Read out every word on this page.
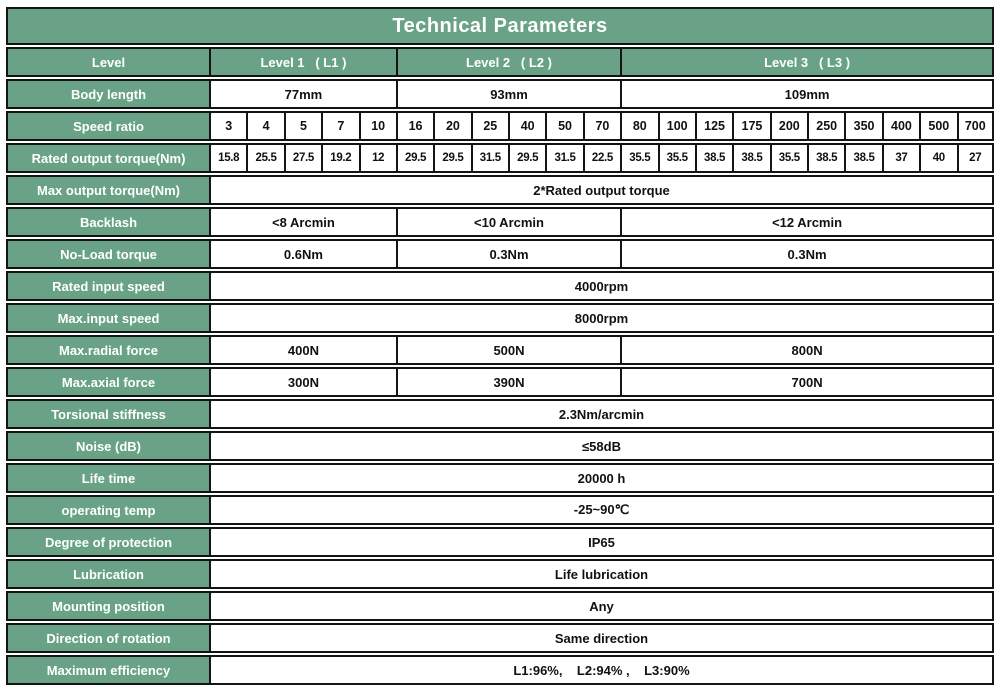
Technical Parameters																					
Level	Level 1   ( L1 )					Level 2   ( L2 )						Level 3   ( L3 )									
Body length	77mm					93mm						109mm									
Speed ratio	3	4	5	7	10	16	20	25	40	50	70	80	100	125	175	200	250	350	400	500	700
Rated output torque(Nm)	15.8	25.5	27.5	19.2	12	29.5	29.5	31.5	29.5	31.5	22.5	35.5	35.5	38.5	38.5	35.5	38.5	38.5	37	40	27
Max output torque(Nm)	2*Rated output torque																				
Backlash	<8 Arcmin					<10 Arcmin						<12 Arcmin									
No-Load torque	0.6Nm					0.3Nm						0.3Nm									
Rated input speed	4000rpm																				
Max.input speed	8000rpm																				
Max.radial force	400N					500N						800N									
Max.axial force	300N					390N						700N									
Torsional stiffness	2.3Nm/arcmin																				
Noise (dB)	≤58dB																				
Life time	20000 h																				
operating temp	-25~90℃																				
Degree of protection	IP65																				
Lubrication	Life lubrication																				
Mounting position	Any																				
Direction of rotation	Same direction																				
Maximum efficiency	L1:96%,    L2:94% ,    L3:90%																				
